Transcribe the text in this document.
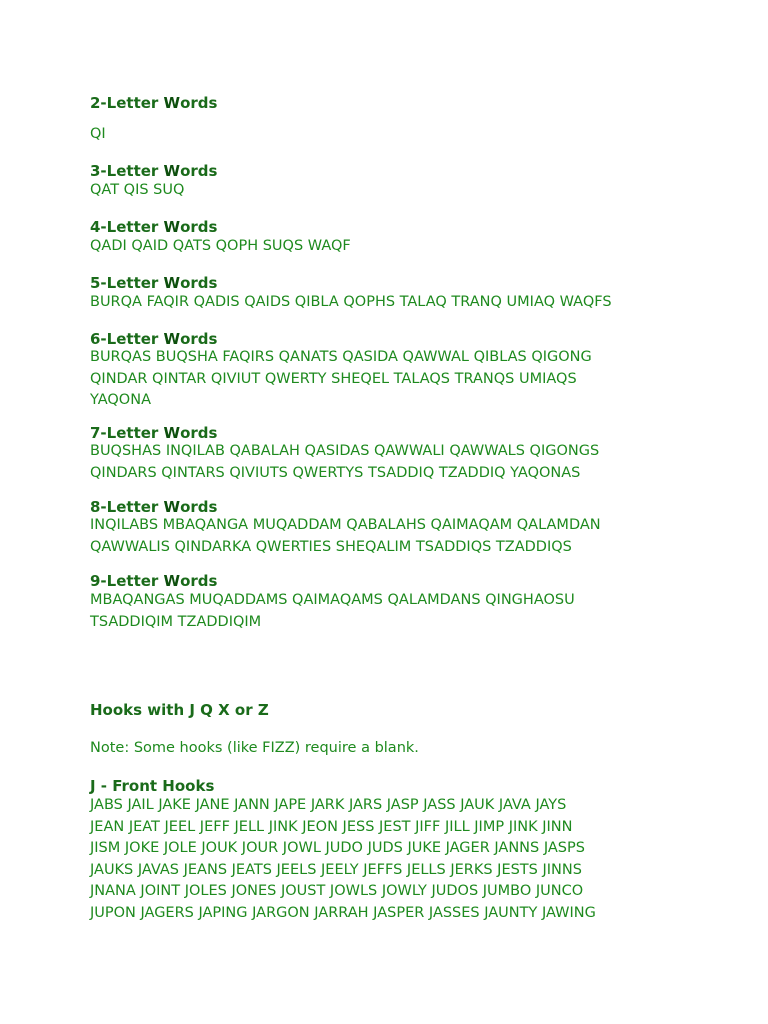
2-Letter Words
QI
3-Letter Words
QAT QIS SUQ
4-Letter Words
QADI QAID QATS QOPH SUQS WAQF
5-Letter Words
BURQA FAQIR QADIS QAIDS QIBLA QOPHS TALAQ TRANQ UMIAQ WAQFS
6-Letter Words
BURQAS BUQSHA FAQIRS QANATS QASIDA QAWWAL QIBLAS QIGONG
QINDAR QINTAR QIVIUT QWERTY SHEQEL TALAQS TRANQS UMIAQS
YAQONA
7-Letter Words
BUQSHAS INQILAB QABALAH QASIDAS QAWWALI QAWWALS QIGONGS
QINDARS QINTARS QIVIUTS QWERTYS TSADDIQ TZADDIQ YAQONAS
8-Letter Words
INQILABS MBAQANGA MUQADDAM QABALAHS QAIMAQAM QALAMDAN
QAWWALIS QINDARKA QWERTIES SHEQALIM TSADDIQS TZADDIQS
9-Letter Words
MBAQANGAS MUQADDAMS QAIMAQAMS QALAMDANS QINGHAOSU
TSADDIQIM TZADDIQIM
Hooks with J Q X or Z
Note: Some hooks (like FIZZ) require a blank.
J - Front Hooks
JABS JAIL JAKE JANE JANN JAPE JARK JARS JASP JASS JAUK JAVA JAYS
JEAN JEAT JEEL JEFF JELL JINK JEON JESS JEST JIFF JILL JIMP JINK JINN
JISM JOKE JOLE JOUK JOUR JOWL JUDO JUDS JUKE JAGER JANNS JASPS
JAUKS JAVAS JEANS JEATS JEELS JEELY JEFFS JELLS JERKS JESTS JINNS
JNANA JOINT JOLES JONES JOUST JOWLS JOWLY JUDOS JUMBO JUNCO
JUPON JAGERS JAPING JARGON JARRAH JASPER JASSES JAUNTY JAWING
